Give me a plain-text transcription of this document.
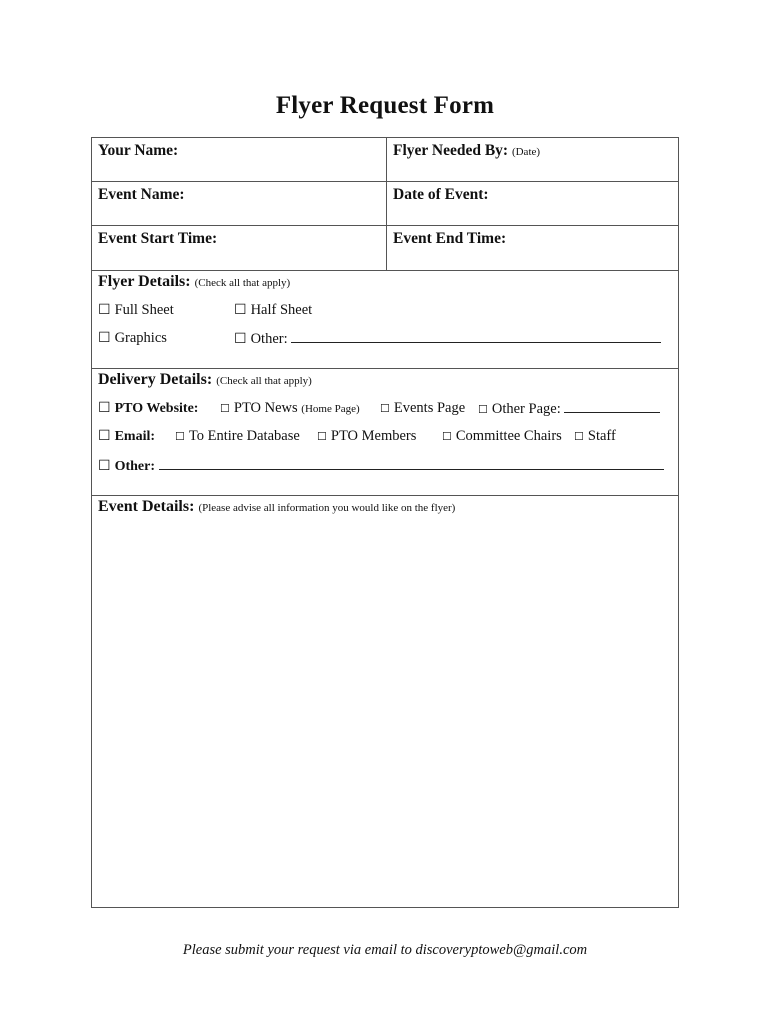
Flyer Request Form
Your Name:	Flyer Needed By: (Date)
Event Name:	Date of Event:
Event Start Time:	Event End Time:
Flyer Details: (Check all that apply)
☐ Full Sheet	☐ Half Sheet
☐ Graphics	☐ Other:
Delivery Details: (Check all that apply)
☐ PTO Website: ☐ PTO News (Home Page) ☐ Events Page ☐ Other Page:
☐ Email: ☐ To Entire Database ☐ PTO Members ☐ Committee Chairs ☐ Staff
☐ Other:
Event Details: (Please advise all information you would like on the flyer)
Please submit your request via email to discoveryptoweb@gmail.com
